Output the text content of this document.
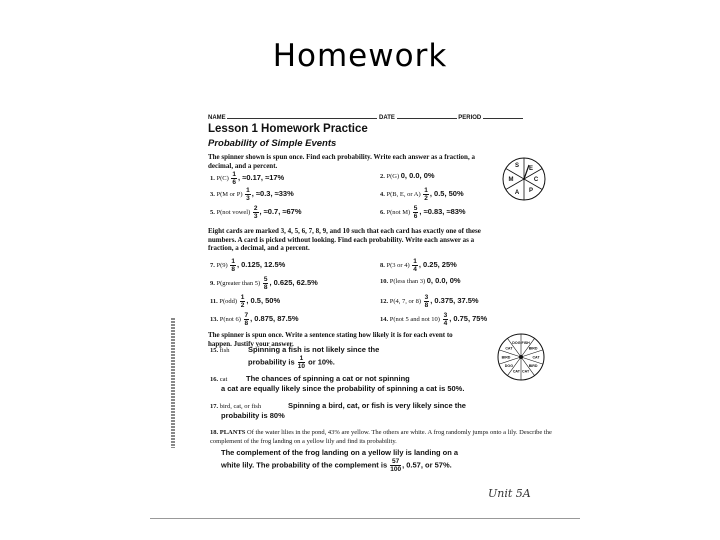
Homework
NAME	DATE	PERIOD
Lesson 1 Homework Practice
Probability of Simple Events
The spinner shown is spun once. Find each probability. Write each answer as a fraction, a decimal, and a percent.	S
C
P
A
M
E
1. $P(C) \frac{1}{6}$ , ≈0.17, ≈17%	2. P(G) 0, 0.0, 0%
3. P(M or $P) \frac{1}{3}$ , ≈0.3, ≈33%	4. P(B, E, or $A) \frac{1}{2}$ , 0.5, 50%
5. P(not vowel) $\frac{2}{3}$ , ≈0.7, ≈67%	6. P(not $M) \frac{5}{6}$ , ≈0.83, ≈83%
7. $P(9) \frac{1}{8}$ , 0.125, 12.5%	8. P(3 or $4) \frac{1}{4}$ , 0.25, 25%
9. P(greater than $5) \frac{5}{8}$ , 0.625, 62.5%	10. P(less than 3) 0, 0.0, 0%
11. $P(odd) \frac{1}{2}$ , 0.5, 50%	12. P(4, 7, or $8) \frac{3}{8}$ , 0.375, 37.5%
13. P(not $6) \frac{7}{8}$ , 0.875, 87.5%	14. P(not 5 and not $10) \frac{3}{4}$ , 0.75, 75%
Eight cards are marked 3, 4, 5, 6, 7, 8, 9, and 10 such that each card has exactly one of these numbers. A card is picked without looking. Find each probability. Write each answer as a fraction, a decimal, and a percent.
The spinner is spun once. Write a sentence stating how likely it is for each event to happen. Justify your answer.	FISH
BIRD
CAT
BIRD
CAT
CAT
DOG
BIRD
CAT
DOG
15. fish Spinning a fish is not likely since the
probability is $\frac{1}{10}$ or 10%.
16. cat The chances of spinning a cat or not spinning
a cat are equally likely since the probability of spinning a cat is 50%.
17. bird, cat, or fish	Spinning a bird, cat, or fish is very likely since the
probability is 80%
18. PLANTS Of the water lilies in the pond, 43% are yellow. The others are white. A frog randomly jumps onto a lily. Describe the complement of the frog landing on a yellow lily and find its probability.
The complement of the frog landing on a yellow lily is landing on a
white lily. The probability of the complement is $\frac{57}{100}$ , 0.57, or 57%.
Unit 5A
